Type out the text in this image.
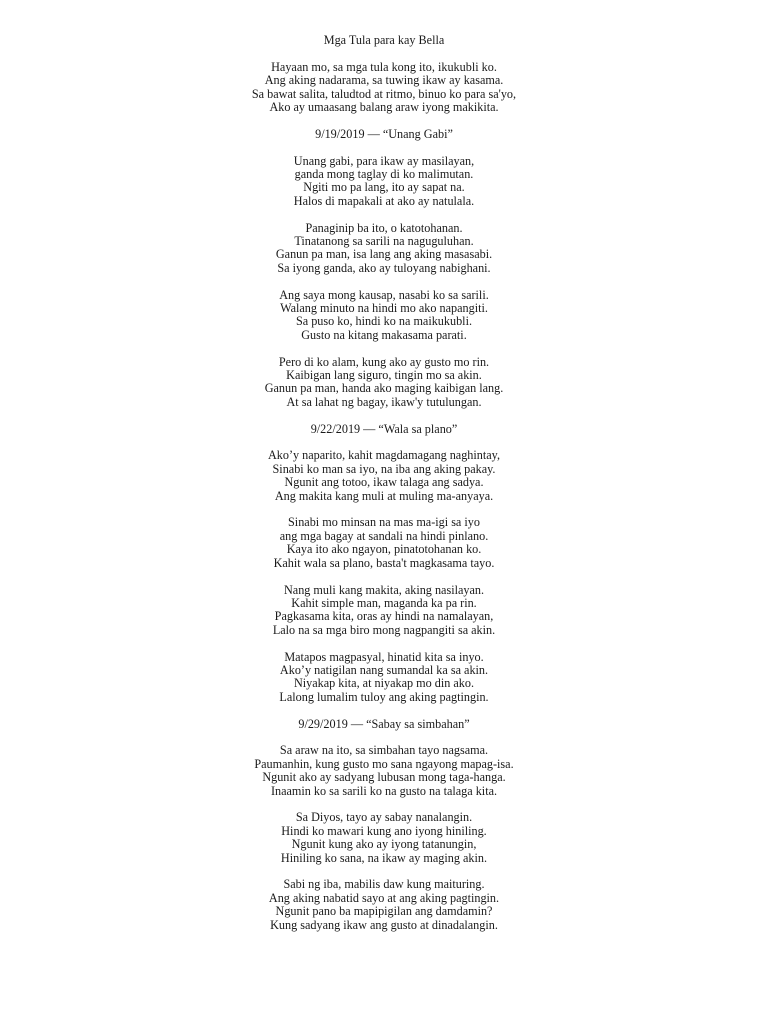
Mga Tula para kay Bella
Hayaan mo, sa mga tula kong ito, ikukubli ko.
Ang aking nadarama, sa tuwing ikaw ay kasama.
Sa bawat salita, taludtod at ritmo, binuo ko para sa'yo,
Ako ay umaasang balang araw iyong makikita.
9/19/2019 — “Unang Gabi”
Unang gabi, para ikaw ay masilayan,
ganda mong taglay di ko malimutan.
Ngiti mo pa lang, ito ay sapat na.
Halos di mapakali at ako ay natulala.
Panaginip ba ito, o katotohanan.
Tinatanong sa sarili na naguguluhan.
Ganun pa man, isa lang ang aking masasabi.
Sa iyong ganda, ako ay tuloyang nabighani.
Ang saya mong kausap, nasabi ko sa sarili.
Walang minuto na hindi mo ako napangiti.
Sa puso ko, hindi ko na maikukubli.
Gusto na kitang makasama parati.
Pero di ko alam, kung ako ay gusto mo rin.
Kaibigan lang siguro, tingin mo sa akin.
Ganun pa man, handa ako maging kaibigan lang.
At sa lahat ng bagay, ikaw'y tutulungan.
9/22/2019 — “Wala sa plano”
Ako’y naparito, kahit magdamagang naghintay,
Sinabi ko man sa iyo, na iba ang aking pakay.
Ngunit ang totoo, ikaw talaga ang sadya.
Ang makita kang muli at muling ma-anyaya.
Sinabi mo minsan na mas ma-igi sa iyo
ang mga bagay at sandali na hindi pinlano.
Kaya ito ako ngayon, pinatotohanan ko.
Kahit wala sa plano, basta't magkasama tayo.
Nang muli kang makita, aking nasilayan.
Kahit simple man, maganda ka pa rin.
Pagkasama kita, oras ay hindi na namalayan,
Lalo na sa mga biro mong nagpangiti sa akin.
Matapos magpasyal, hinatid kita sa inyo.
Ako’y natigilan nang sumandal ka sa akin.
Niyakap kita, at niyakap mo din ako.
Lalong lumalim tuloy ang aking pagtingin.
9/29/2019 — “Sabay sa simbahan”
Sa araw na ito, sa simbahan tayo nagsama.
Paumanhin, kung gusto mo sana ngayong mapag-isa.
Ngunit ako ay sadyang lubusan mong taga-hanga.
Inaamin ko sa sarili ko na gusto na talaga kita.
Sa Diyos, tayo ay sabay nanalangin.
Hindi ko mawari kung ano iyong hiniling.
Ngunit kung ako ay iyong tatanungin,
Hiniling ko sana, na ikaw ay maging akin.
Sabi ng iba, mabilis daw kung maituring.
Ang aking nabatid sayo at ang aking pagtingin.
Ngunit pano ba mapipigilan ang damdamin?
Kung sadyang ikaw ang gusto at dinadalangin.
